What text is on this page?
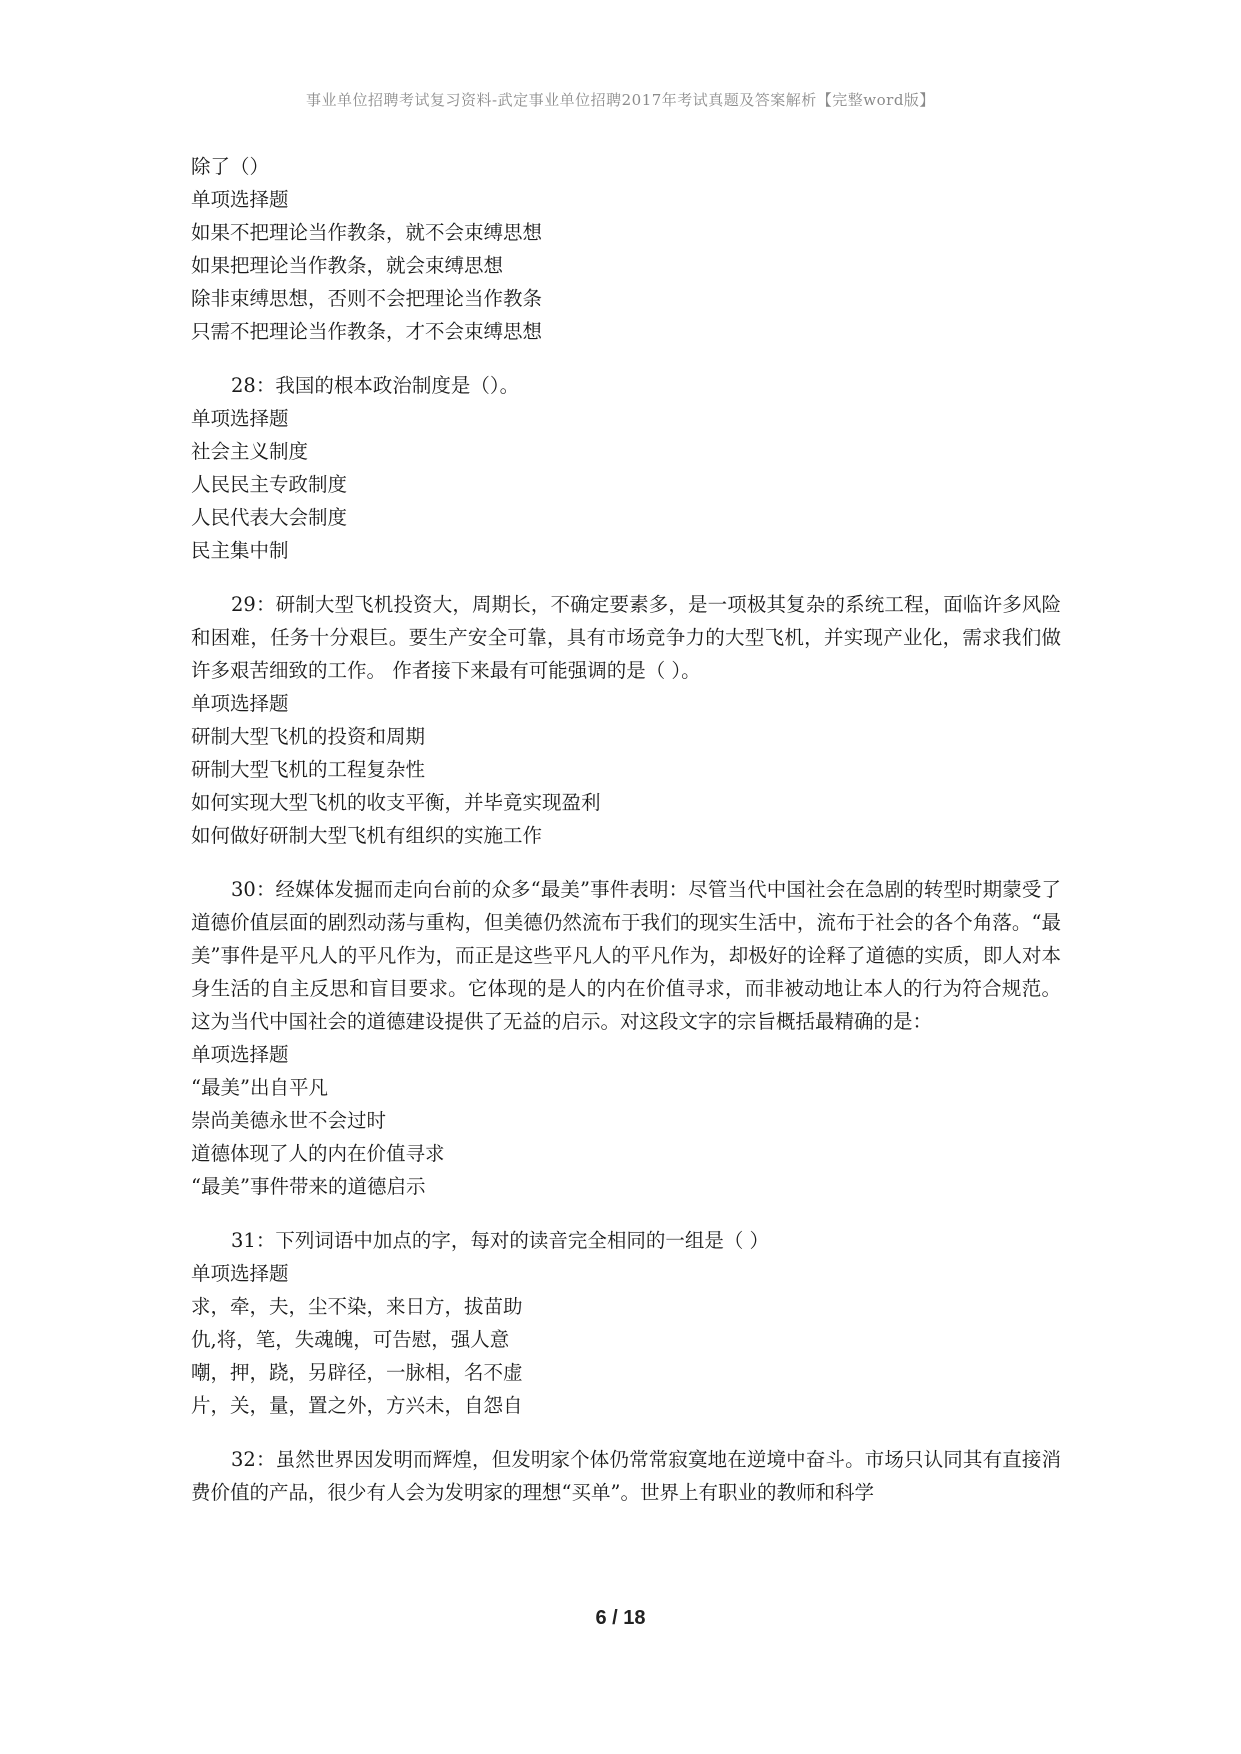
事业单位招聘考试复习资料-武定事业单位招聘2017年考试真题及答案解析【完整word版】
除了（）
单项选择题
如果不把理论当作教条，就不会束缚思想
如果把理论当作教条，就会束缚思想
除非束缚思想，否则不会把理论当作教条
只需不把理论当作教条，才不会束缚思想
28：我国的根本政治制度是（）。
单项选择题
社会主义制度
人民民主专政制度
人民代表大会制度
民主集中制
29：研制大型飞机投资大，周期长，不确定要素多，是一项极其复杂的系统工程，面临许多风险和困难，任务十分艰巨。要生产安全可靠，具有市场竞争力的大型飞机，并实现产业化，需求我们做许多艰苦细致的工作。 作者接下来最有可能强调的是（ ）。
单项选择题
研制大型飞机的投资和周期
研制大型飞机的工程复杂性
如何实现大型飞机的收支平衡，并毕竟实现盈利
如何做好研制大型飞机有组织的实施工作
30：经媒体发掘而走向台前的众多“最美”事件表明：尽管当代中国社会在急剧的转型时期蒙受了道德价值层面的剧烈动荡与重构，但美德仍然流布于我们的现实生活中，流布于社会的各个角落。“最美”事件是平凡人的平凡作为，而正是这些平凡人的平凡作为，却极好的诠释了道德的实质，即人对本身生活的自主反思和盲目要求。它体现的是人的内在价值寻求，而非被动地让本人的行为符合规范。这为当代中国社会的道德建设提供了无益的启示。对这段文字的宗旨概括最精确的是：
单项选择题
“最美”出自平凡
崇尚美德永世不会过时
道德体现了人的内在价值寻求
“最美”事件带来的道德启示
31：下列词语中加点的字，每对的读音完全相同的一组是（ ）
单项选择题
求，牵，夫，尘不染，来日方，拔苗助
仇,将，笔，失魂魄，可告慰，强人意
嘲，押，跷，另辟径，一脉相，名不虚
片，关，量，置之外，方兴未，自怨自
32：虽然世界因发明而辉煌，但发明家个体仍常常寂寞地在逆境中奋斗。市场只认同其有直接消费价值的产品，很少有人会为发明家的理想“买单”。世界上有职业的教师和科学
6 / 18
